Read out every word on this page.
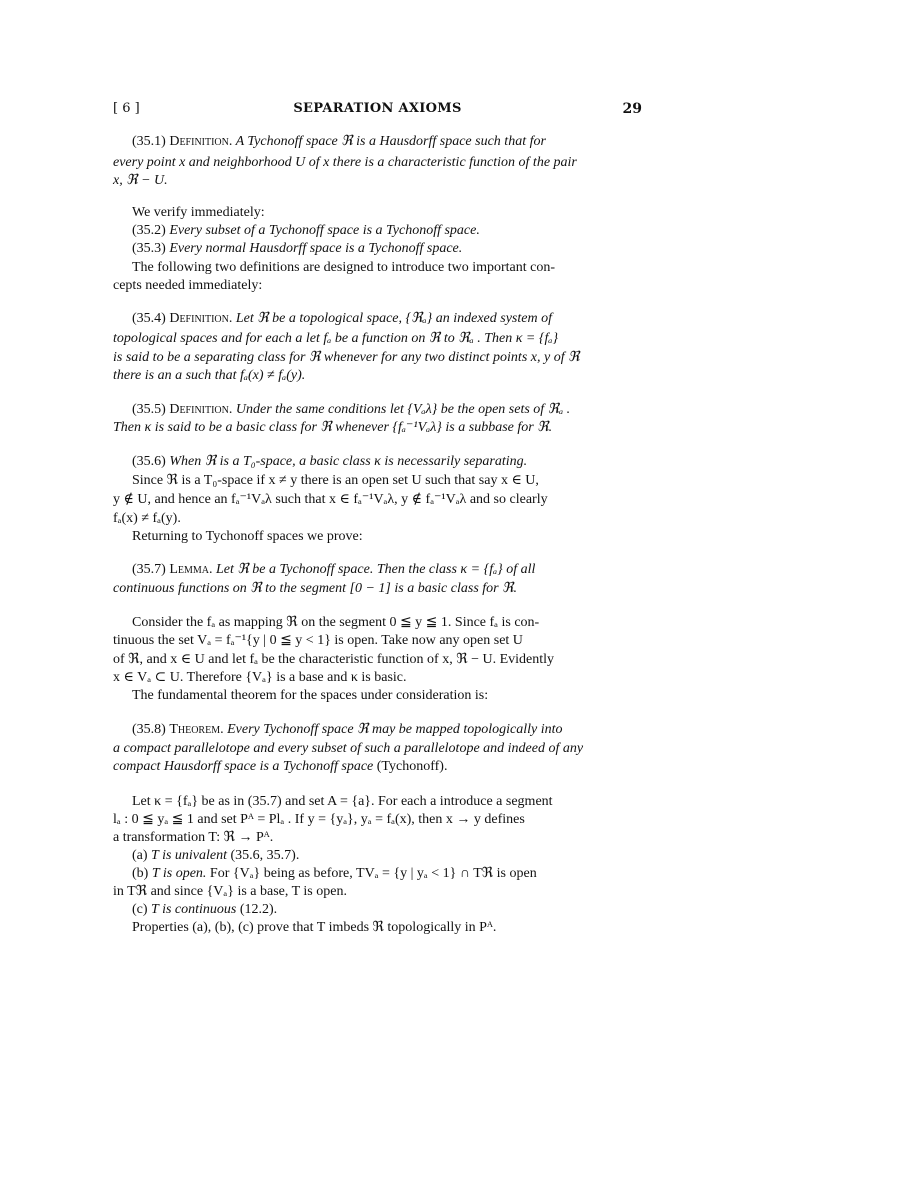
[ 6 ]	SEPARATION AXIOMS	29
(35.1) Definition. A Tychonoff space ℜ is a Hausdorff space such that for
every point x and neighborhood U of x there is a characteristic function of the pair
x, ℜ − U.
We verify immediately:
(35.2) Every subset of a Tychonoff space is a Tychonoff space.
(35.3) Every normal Hausdorff space is a Tychonoff space.
The following two definitions are designed to introduce two important con-
cepts needed immediately:
(35.4) Definition. Let ℜ be a topological space, {ℜₐ} an indexed system of
topological spaces and for each a let fₐ be a function on ℜ to ℜₐ . Then κ = {fₐ}
is said to be a separating class for ℜ whenever for any two distinct points x, y of ℜ
there is an a such that fₐ(x) ≠ fₐ(y).
(35.5) Definition. Under the same conditions let {Vₐλ} be the open sets of ℜₐ .
Then κ is said to be a basic class for ℜ whenever {fₐ⁻¹Vₐλ} is a subbase for ℜ.
(35.6) When ℜ is a T₀-space, a basic class κ is necessarily separating.
Since ℜ is a T₀-space if x ≠ y there is an open set U such that say x ∈ U,
y ∉ U, and hence an fₐ⁻¹Vₐλ such that x ∈ fₐ⁻¹Vₐλ, y ∉ fₐ⁻¹Vₐλ and so clearly
fₐ(x) ≠ fₐ(y).
Returning to Tychonoff spaces we prove:
(35.7) Lemma. Let ℜ be a Tychonoff space. Then the class κ = {fₐ} of all
continuous functions on ℜ to the segment [0 − 1] is a basic class for ℜ.
Consider the fₐ as mapping ℜ on the segment 0 ≦ y ≦ 1. Since fₐ is con-
tinuous the set Vₐ = fₐ⁻¹{y | 0 ≦ y < 1} is open. Take now any open set U
of ℜ, and x ∈ U and let fₐ be the characteristic function of x, ℜ − U. Evidently
x ∈ Vₐ ⊂ U. Therefore {Vₐ} is a base and κ is basic.
The fundamental theorem for the spaces under consideration is:
(35.8) Theorem. Every Tychonoff space ℜ may be mapped topologically into
a compact parallelotope and every subset of such a parallelotope and indeed of any
compact Hausdorff space is a Tychonoff space (Tychonoff).
Let κ = {fₐ} be as in (35.7) and set A = {a}. For each a introduce a segment
lₐ : 0 ≦ yₐ ≦ 1 and set Pᴬ = Plₐ . If y = {yₐ}, yₐ = fₐ(x), then x → y defines
a transformation T: ℜ → Pᴬ.
(a) T is univalent (35.6, 35.7).
(b) T is open. For {Vₐ} being as before, TVₐ = {y | yₐ < 1} ∩ Tℜ is open
in Tℜ and since {Vₐ} is a base, T is open.
(c) T is continuous (12.2).
Properties (a), (b), (c) prove that T imbeds ℜ topologically in Pᴬ.
